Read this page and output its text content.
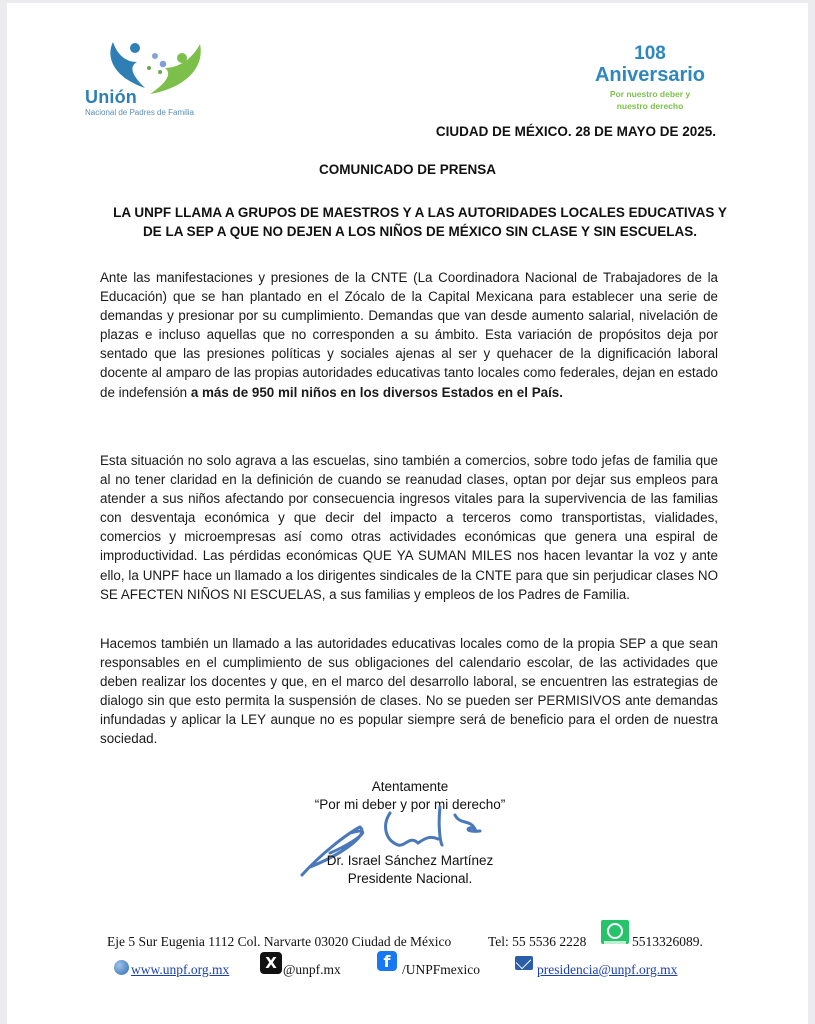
Unión
Nacional de Padres de Familia
108
Aniversario
Por nuestro deber y
nuestro derecho
CIUDAD DE MÉXICO. 28 DE MAYO DE 2025.
COMUNICADO DE PRENSA
LA UNPF LLAMA A GRUPOS DE MAESTROS Y A LAS AUTORIDADES LOCALES EDUCATIVAS Y DE LA SEP A QUE NO DEJEN A LOS NIÑOS DE MÉXICO SIN CLASE Y SIN ESCUELAS.
Ante las manifestaciones y presiones de la CNTE (La Coordinadora Nacional de Trabajadores de la Educación) que se han plantado en el Zócalo de la Capital Mexicana para establecer una serie de demandas y presionar por su cumplimiento. Demandas que van desde aumento salarial, nivelación de plazas e incluso aquellas que no corresponden a su ámbito. Esta variación de propósitos deja por sentado que las presiones políticas y sociales ajenas al ser y quehacer de la dignificación laboral docente al amparo de las propias autoridades educativas tanto locales como federales, dejan en estado de indefensión a más de 950 mil niños en los diversos Estados en el País.
Esta situación no solo agrava a las escuelas, sino también a comercios, sobre todo jefas de familia que al no tener claridad en la definición de cuando se reanudad clases, optan por dejar sus empleos para atender a sus niños afectando por consecuencia ingresos vitales para la supervivencia de las familias con desventaja económica y que decir del impacto a terceros como transportistas, vialidades, comercios y microempresas así como otras actividades económicas que genera una espiral de improductividad. Las pérdidas económicas QUE YA SUMAN MILES nos hacen levantar la voz y ante ello, la UNPF hace un llamado a los dirigentes sindicales de la CNTE para que sin perjudicar clases NO SE AFECTEN NIÑOS NI ESCUELAS, a sus familias y empleos de los Padres de Familia.
Hacemos también un llamado a las autoridades educativas locales como de la propia SEP a que sean responsables en el cumplimiento de sus obligaciones del calendario escolar, de las actividades que deben realizar los docentes y que, en el marco del desarrollo laboral, se encuentren las estrategias de dialogo sin que esto permita la suspensión de clases. No se pueden ser PERMISIVOS ante demandas infundadas y aplicar la LEY aunque no es popular siempre será de beneficio para el orden de nuestra sociedad.
Atentamente
“Por mi deber y por mi derecho”
Dr. Israel Sánchez Martínez
Presidente Nacional.
Eje 5 Sur Eugenia 1112 Col. Narvarte 03020 Ciudad de México	Tel: 55 5536 2228	5513326089.
www.unpf.org.mx	X @unpf.mx	f /UNPFmexico	presidencia@unpf.org.mx
